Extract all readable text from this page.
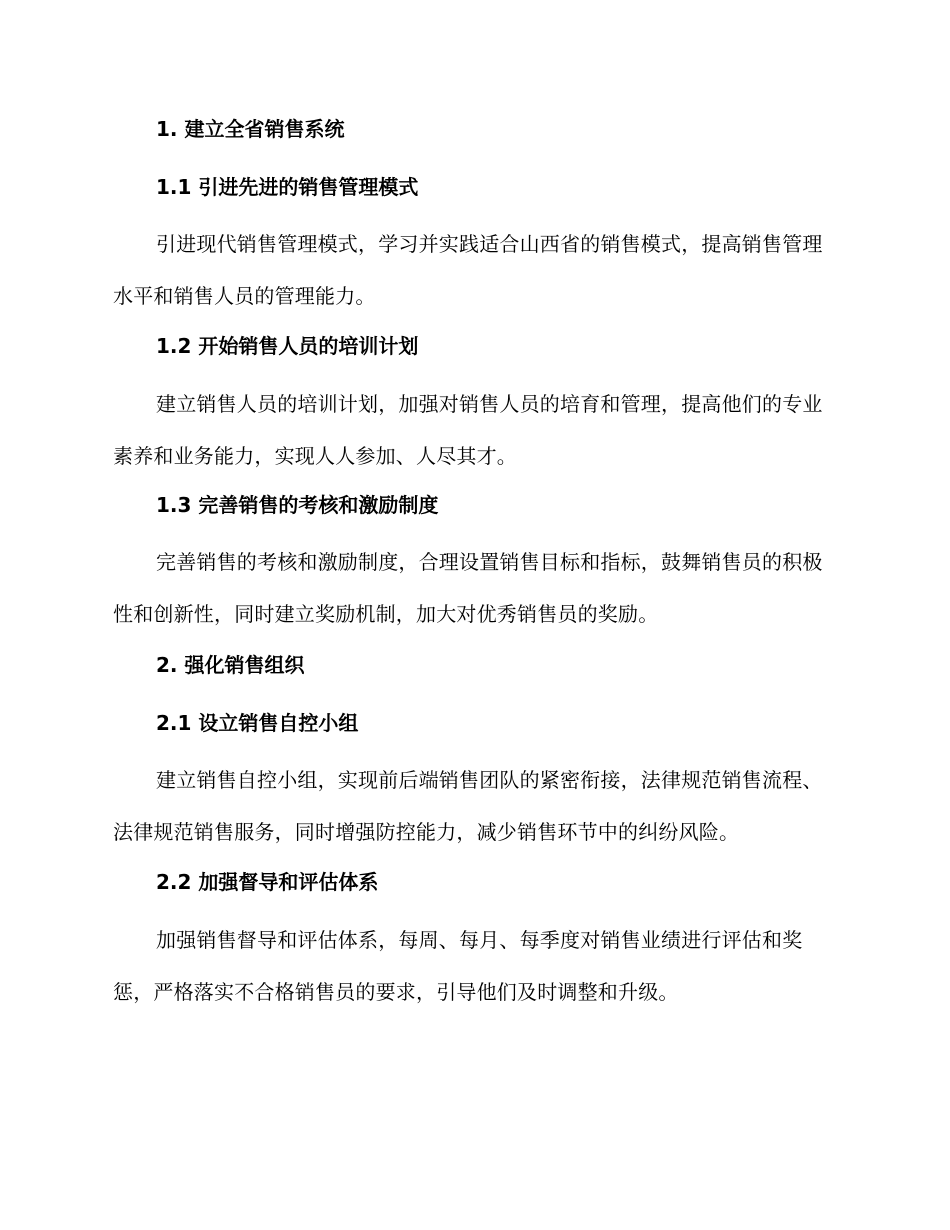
1. 建立全省销售系统
1.1 引进先进的销售管理模式

引进现代销售管理模式，学习并实践适合山西省的销售模式，提高销售管理水平和销售人员的管理能力。

1.2 开始销售人员的培训计划

建立销售人员的培训计划，加强对销售人员的培育和管理，提高他们的专业素养和业务能力，实现人人参加、人尽其才。

1.3 完善销售的考核和激励制度

完善销售的考核和激励制度，合理设置销售目标和指标，鼓舞销售员的积极性和创新性，同时建立奖励机制，加大对优秀销售员的奖励。

2. 强化销售组织
2.1 设立销售自控小组

建立销售自控小组，实现前后端销售团队的紧密衔接，法律规范销售流程、法律规范销售服务，同时增强防控能力，减少销售环节中的纠纷风险。

2.2 加强督导和评估体系

加强销售督导和评估体系，每周、每月、每季度对销售业绩进行评估和奖惩，严格落实不合格销售员的要求，引导他们及时调整和升级。
